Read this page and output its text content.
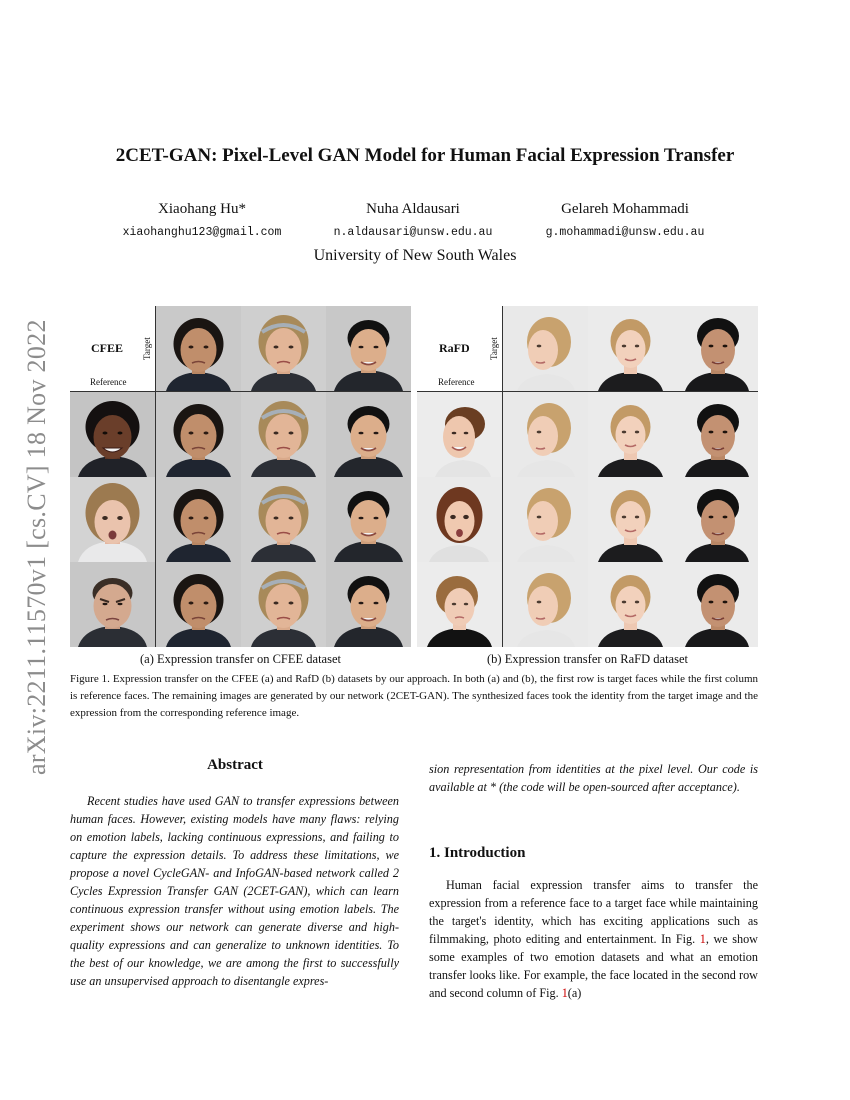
arXiv:2211.11570v1 [cs.CV] 18 Nov 2022
2CET-GAN: Pixel-Level GAN Model for Human Facial Expression Transfer
Xiaohang Hu*
xiaohanghu123@gmail.com
Nuha Aldausari
n.aldausari@unsw.edu.au
Gelareh Mohammadi
g.mohammadi@unsw.edu.au
University of New South Wales
CFEE Target
Reference
(a) Expression transfer on CFEE dataset
RaFD Target
Reference
(b) Expression transfer on RaFD dataset
Figure 1. Expression transfer on the CFEE (a) and RafD (b) datasets by our approach. In both (a) and (b), the first row is target faces while the first column is reference faces. The remaining images are generated by our network (2CET-GAN). The synthesized faces took the identity from the target image and the expression from the corresponding reference image.
Abstract
Recent studies have used GAN to transfer expressions between human faces. However, existing models have many flaws: relying on emotion labels, lacking continuous expressions, and failing to capture the expression details. To address these limitations, we propose a novel CycleGAN- and InfoGAN-based network called 2 Cycles Expression Transfer GAN (2CET-GAN), which can learn continuous expression transfer without using emotion labels. The experiment shows our network can generate diverse and high-quality expressions and can generalize to unknown identities. To the best of our knowledge, we are among the first to successfully use an unsupervised approach to disentangle expres-
sion representation from identities at the pixel level. Our code is available at * (the code will be open-sourced after acceptance).
1. Introduction
Human facial expression transfer aims to transfer the expression from a reference face to a target face while maintaining the target's identity, which has exciting applications such as filmmaking, photo editing and entertainment. In Fig. 1, we show some examples of two emotion datasets and what an emotion transfer looks like. For example, the face located in the second row and second column of Fig. 1(a)
